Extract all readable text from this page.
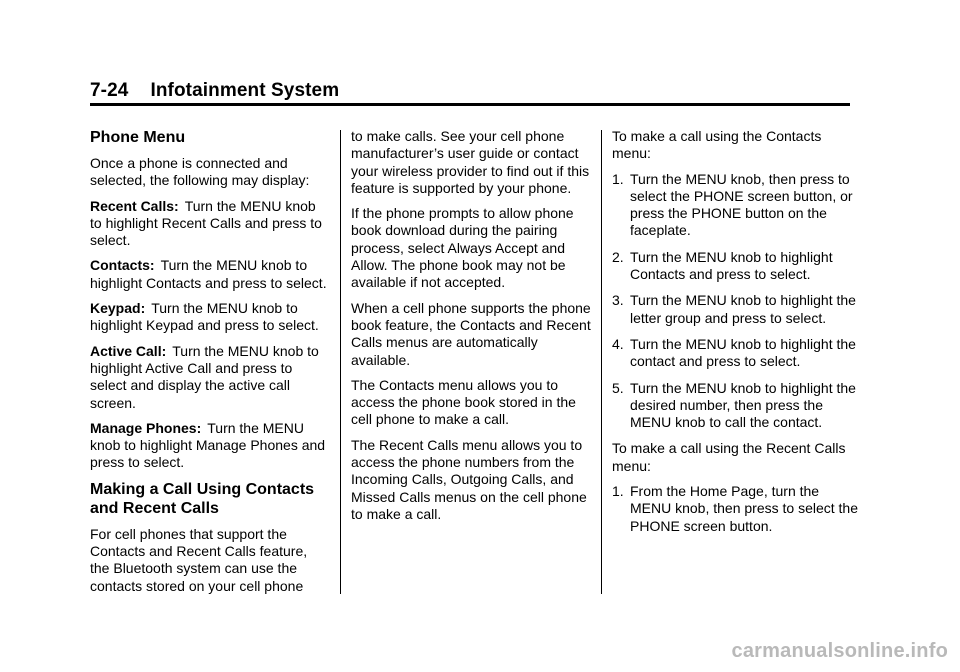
7-24 Infotainment System
Phone Menu

Once a phone is connected and selected, the following may display:

Recent Calls: Turn the MENU knob to highlight Recent Calls and press to select.

Contacts: Turn the MENU knob to highlight Contacts and press to select.

Keypad: Turn the MENU knob to highlight Keypad and press to select.

Active Call: Turn the MENU knob to highlight Active Call and press to select and display the active call screen.

Manage Phones: Turn the MENU knob to highlight Manage Phones and press to select.

Making a Call Using Contacts and Recent Calls

For cell phones that support the Contacts and Recent Calls feature, the Bluetooth system can use the contacts stored on your cell phone

to make calls. See your cell phone manufacturer’s user guide or contact your wireless provider to find out if this feature is supported by your phone.

If the phone prompts to allow phone book download during the pairing process, select Always Accept and Allow. The phone book may not be available if not accepted.

When a cell phone supports the phone book feature, the Contacts and Recent Calls menus are automatically available.

The Contacts menu allows you to access the phone book stored in the cell phone to make a call.

The Recent Calls menu allows you to access the phone numbers from the Incoming Calls, Outgoing Calls, and Missed Calls menus on the cell phone to make a call.

To make a call using the Contacts menu:

1. Turn the MENU knob, then press to select the PHONE screen button, or press the PHONE button on the faceplate.
2. Turn the MENU knob to highlight Contacts and press to select.
3. Turn the MENU knob to highlight the letter group and press to select.
4. Turn the MENU knob to highlight the contact and press to select.
5. Turn the MENU knob to highlight the desired number, then press the MENU knob to call the contact.

To make a call using the Recent Calls menu:

1. From the Home Page, turn the MENU knob, then press to select the PHONE screen button.
carmanualsonline.info
